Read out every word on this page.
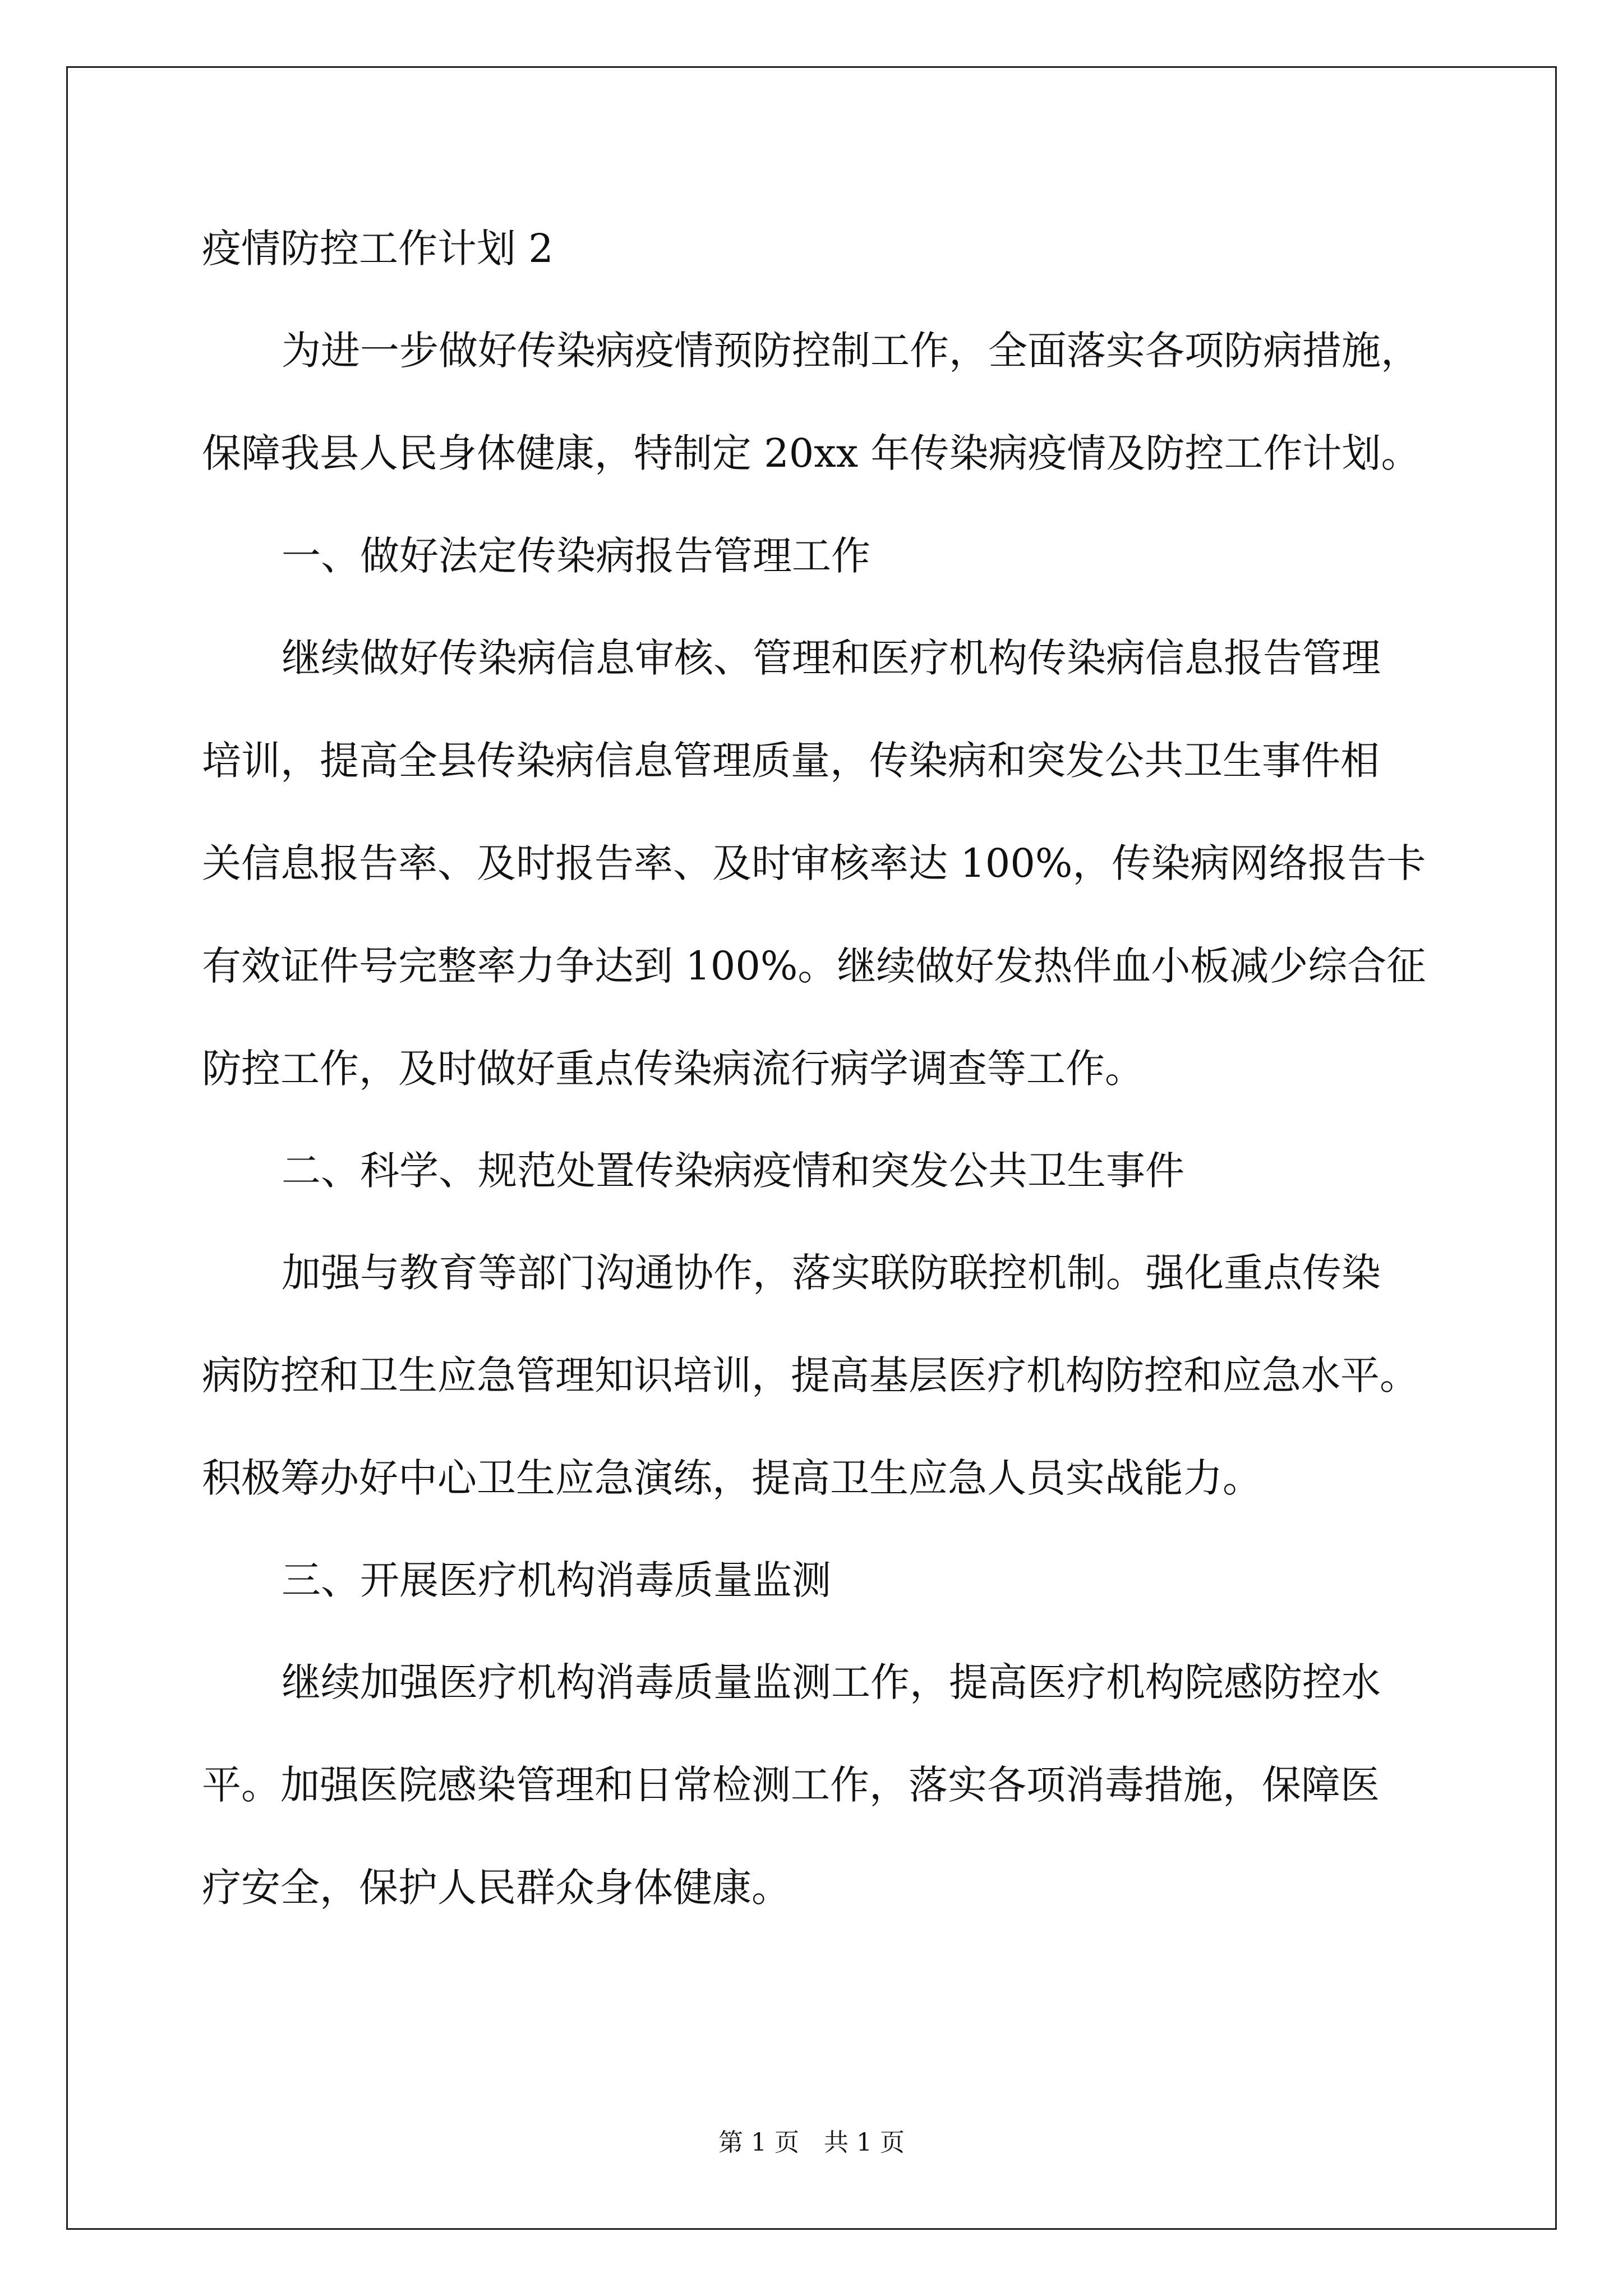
疫情防控工作计划 2

为进一步做好传染病疫情预防控制工作，全面落实各项防病措施，

保障我县人民身体健康，特制定 20xx 年传染病疫情及防控工作计划。

一、做好法定传染病报告管理工作

继续做好传染病信息审核、管理和医疗机构传染病信息报告管理

培训，提高全县传染病信息管理质量，传染病和突发公共卫生事件相

关信息报告率、及时报告率、及时审核率达 100%，传染病网络报告卡

有效证件号完整率力争达到 100%。继续做好发热伴血小板减少综合征

防控工作，及时做好重点传染病流行病学调查等工作。

二、科学、规范处置传染病疫情和突发公共卫生事件

加强与教育等部门沟通协作，落实联防联控机制。强化重点传染

病防控和卫生应急管理知识培训，提高基层医疗机构防控和应急水平。

积极筹办好中心卫生应急演练，提高卫生应急人员实战能力。

三、开展医疗机构消毒质量监测

继续加强医疗机构消毒质量监测工作，提高医疗机构院感防控水

平。加强医院感染管理和日常检测工作，落实各项消毒措施，保障医

疗安全，保护人民群众身体健康。

第 1 页　共 1 页
